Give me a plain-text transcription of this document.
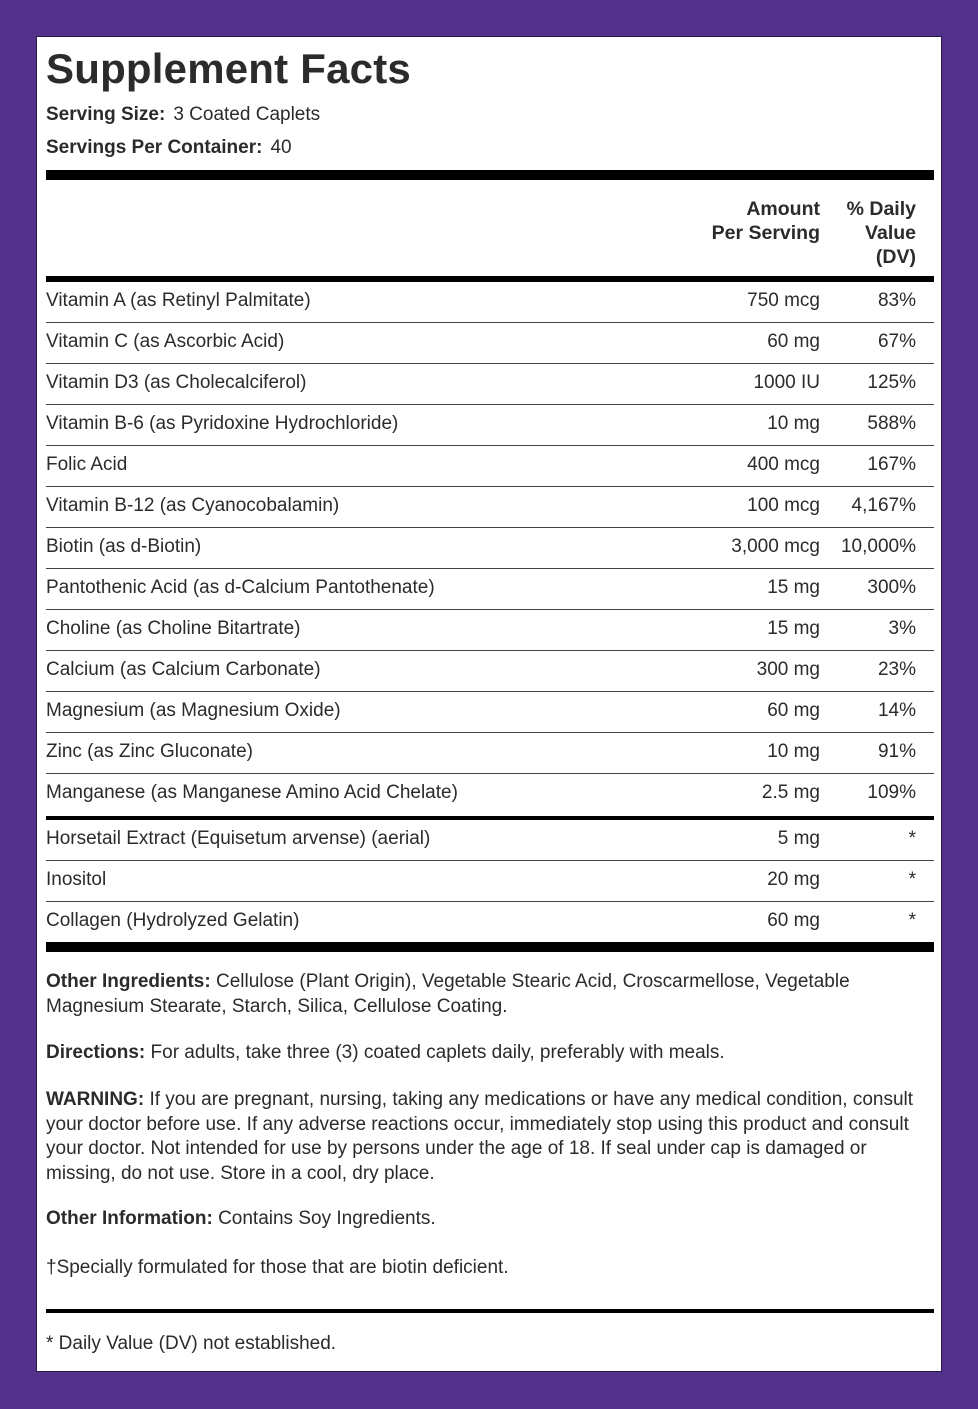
Supplement Facts
Serving Size: 3 Coated Caplets
Servings Per Container: 40
Amount
Per Serving
% Daily
Value
(DV)
Vitamin A (as Retinyl Palmitate)	750 mcg	83%
Vitamin C (as Ascorbic Acid)	60 mg	67%
Vitamin D3 (as Cholecalciferol)	1000 IU 125%
Vitamin B-6 (as Pyridoxine Hydrochloride)	10 mg 588%
Folic Acid	400 mcg 167%
Vitamin B-12 (as Cyanocobalamin)	100 mcg 4,167%
Biotin (as d-Biotin)	3,000 mcg 10,000%
Pantothenic Acid (as d-Calcium Pantothenate)	15 mg 300%
Choline (as Choline Bitartrate)	15 mg	3%
Calcium (as Calcium Carbonate)	300 mg	23%
Magnesium (as Magnesium Oxide)	60 mg	14%
Zinc (as Zinc Gluconate)	10 mg	91%
Manganese (as Manganese Amino Acid Chelate)	2.5 mg 109%
Horsetail Extract (Equisetum arvense) (aerial)	5 mg	*
Inositol	20 mg	*
Collagen (Hydrolyzed Gelatin)	60 mg	*
Other Ingredients: Cellulose (Plant Origin), Vegetable Stearic Acid, Croscarmellose, Vegetable Magnesium Stearate, Starch, Silica, Cellulose Coating.
Directions: For adults, take three (3) coated caplets daily, preferably with meals.
WARNING: If you are pregnant, nursing, taking any medications or have any medical condition, consult your doctor before use. If any adverse reactions occur, immediately stop using this product and consult your doctor. Not intended for use by persons under the age of 18. If seal under cap is damaged or missing, do not use. Store in a cool, dry place.
Other Information: Contains Soy Ingredients.
†Specially formulated for those that are biotin deficient.
* Daily Value (DV) not established.
